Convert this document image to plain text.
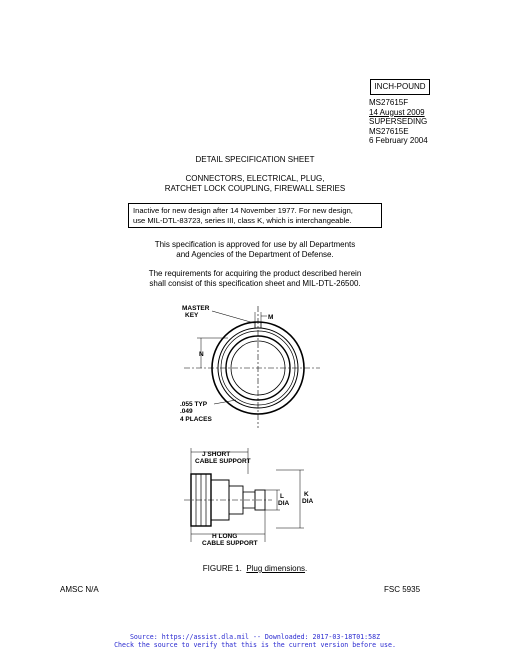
INCH-POUND
MS27615F
14 August 2009
SUPERSEDING
MS27615E
6 February 2004
DETAIL SPECIFICATION SHEET
CONNECTORS, ELECTRICAL, PLUG,
RATCHET LOCK COUPLING, FIREWALL SERIES
Inactive for new design after 14 November 1977. For new design,
use MIL-DTL-83723, series III, class K, which is interchangeable.
This specification is approved for use by all Departments
and Agencies of the Department of Defense.
The requirements for acquiring the product described herein
shall consist of this specification sheet and MIL-DTL-26500.
MASTER
KEY	M
N
.055 TYP
.049
4 PLACES
J SHORT
CABLE SUPPORT
K
DIA
L
DIA
H LONG
CABLE SUPPORT
FIGURE 1. Plug dimensions.
AMSC N/A	FSC 5935
Source: https://assist.dla.mil -- Downloaded: 2017-03-18T01:58Z
Check the source to verify that this is the current version before use.
